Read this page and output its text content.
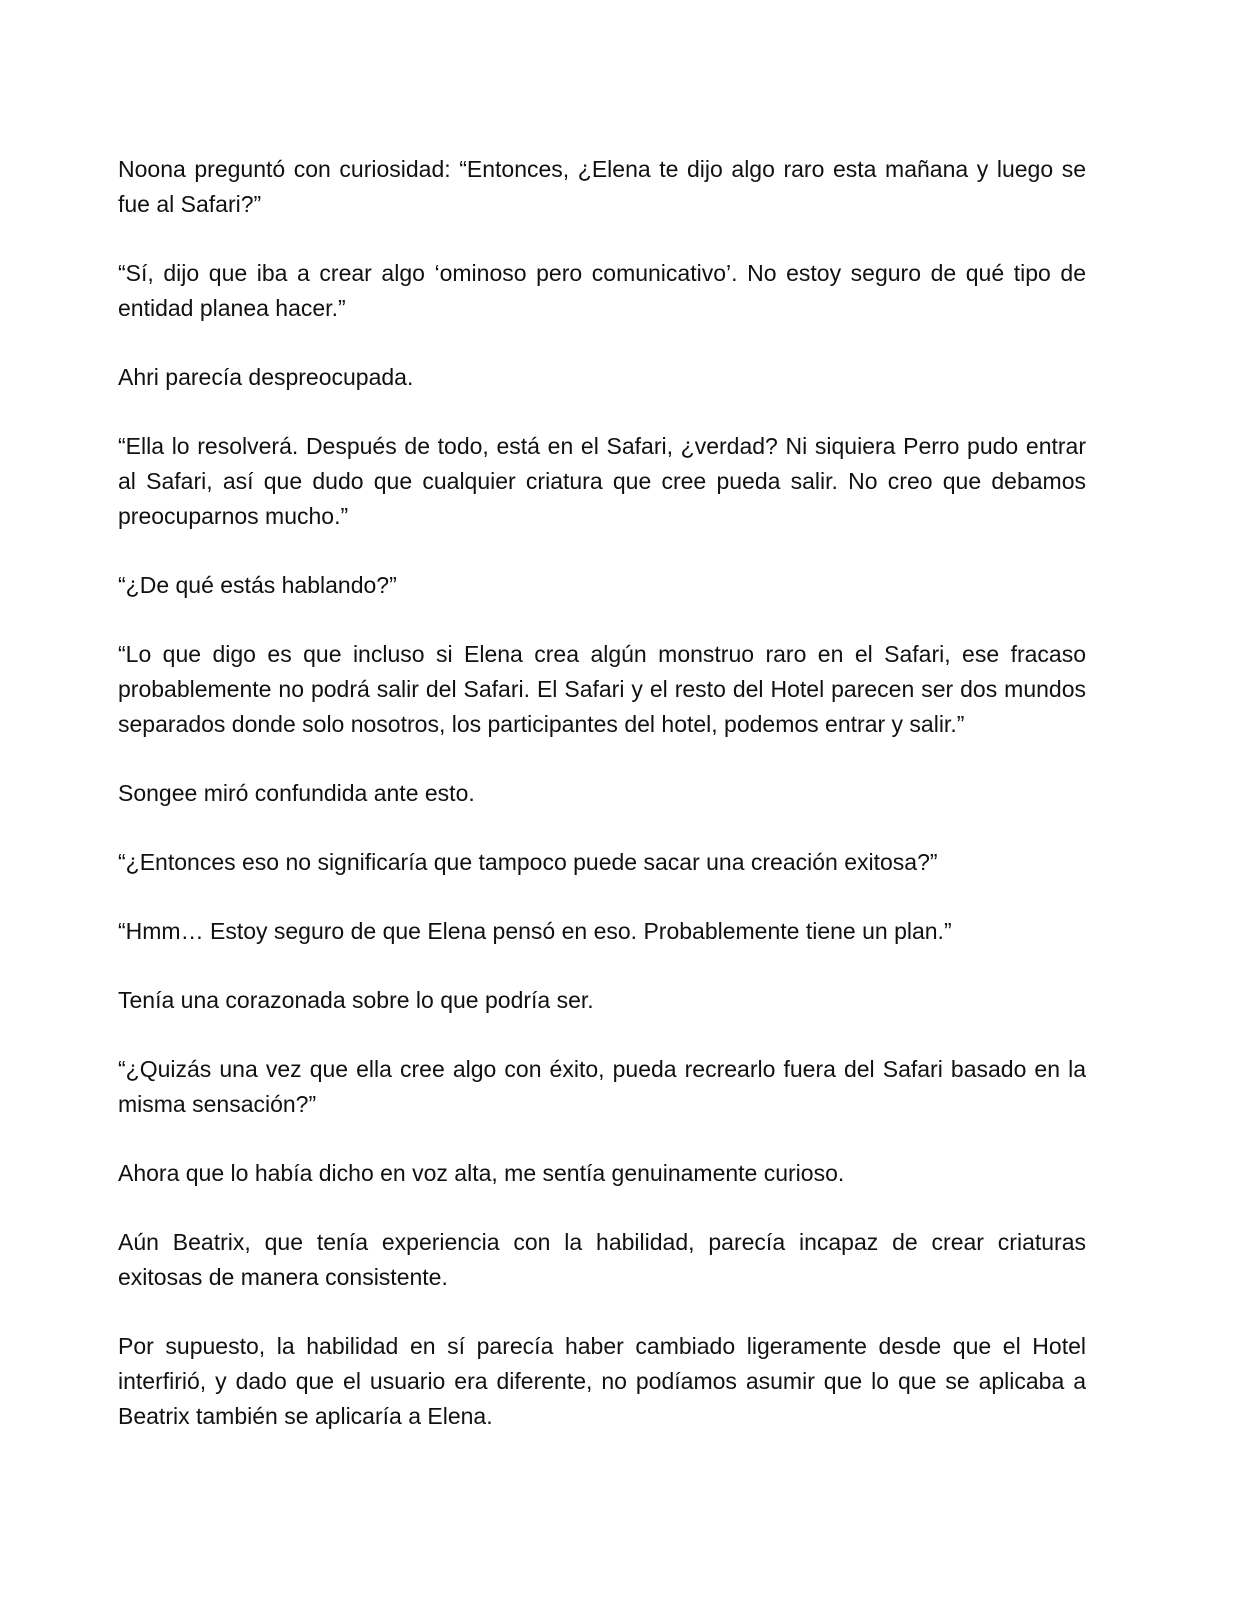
Noona preguntó con curiosidad: “Entonces, ¿Elena te dijo algo raro esta mañana y luego se fue al Safari?”

“Sí, dijo que iba a crear algo ‘ominoso pero comunicativo’. No estoy seguro de qué tipo de entidad planea hacer.”

Ahri parecía despreocupada.

“Ella lo resolverá. Después de todo, está en el Safari, ¿verdad? Ni siquiera Perro pudo entrar al Safari, así que dudo que cualquier criatura que cree pueda salir. No creo que debamos preocuparnos mucho.”

“¿De qué estás hablando?”

“Lo que digo es que incluso si Elena crea algún monstruo raro en el Safari, ese fracaso probablemente no podrá salir del Safari. El Safari y el resto del Hotel parecen ser dos mundos separados donde solo nosotros, los participantes del hotel, podemos entrar y salir.”

Songee miró confundida ante esto.

“¿Entonces eso no significaría que tampoco puede sacar una creación exitosa?”

“Hmm… Estoy seguro de que Elena pensó en eso. Probablemente tiene un plan.”

Tenía una corazonada sobre lo que podría ser.

“¿Quizás una vez que ella cree algo con éxito, pueda recrearlo fuera del Safari basado en la misma sensación?”

Ahora que lo había dicho en voz alta, me sentía genuinamente curioso.

Aún Beatrix, que tenía experiencia con la habilidad, parecía incapaz de crear criaturas exitosas de manera consistente.

Por supuesto, la habilidad en sí parecía haber cambiado ligeramente desde que el Hotel interfirió, y dado que el usuario era diferente, no podíamos asumir que lo que se aplicaba a Beatrix también se aplicaría a Elena.
